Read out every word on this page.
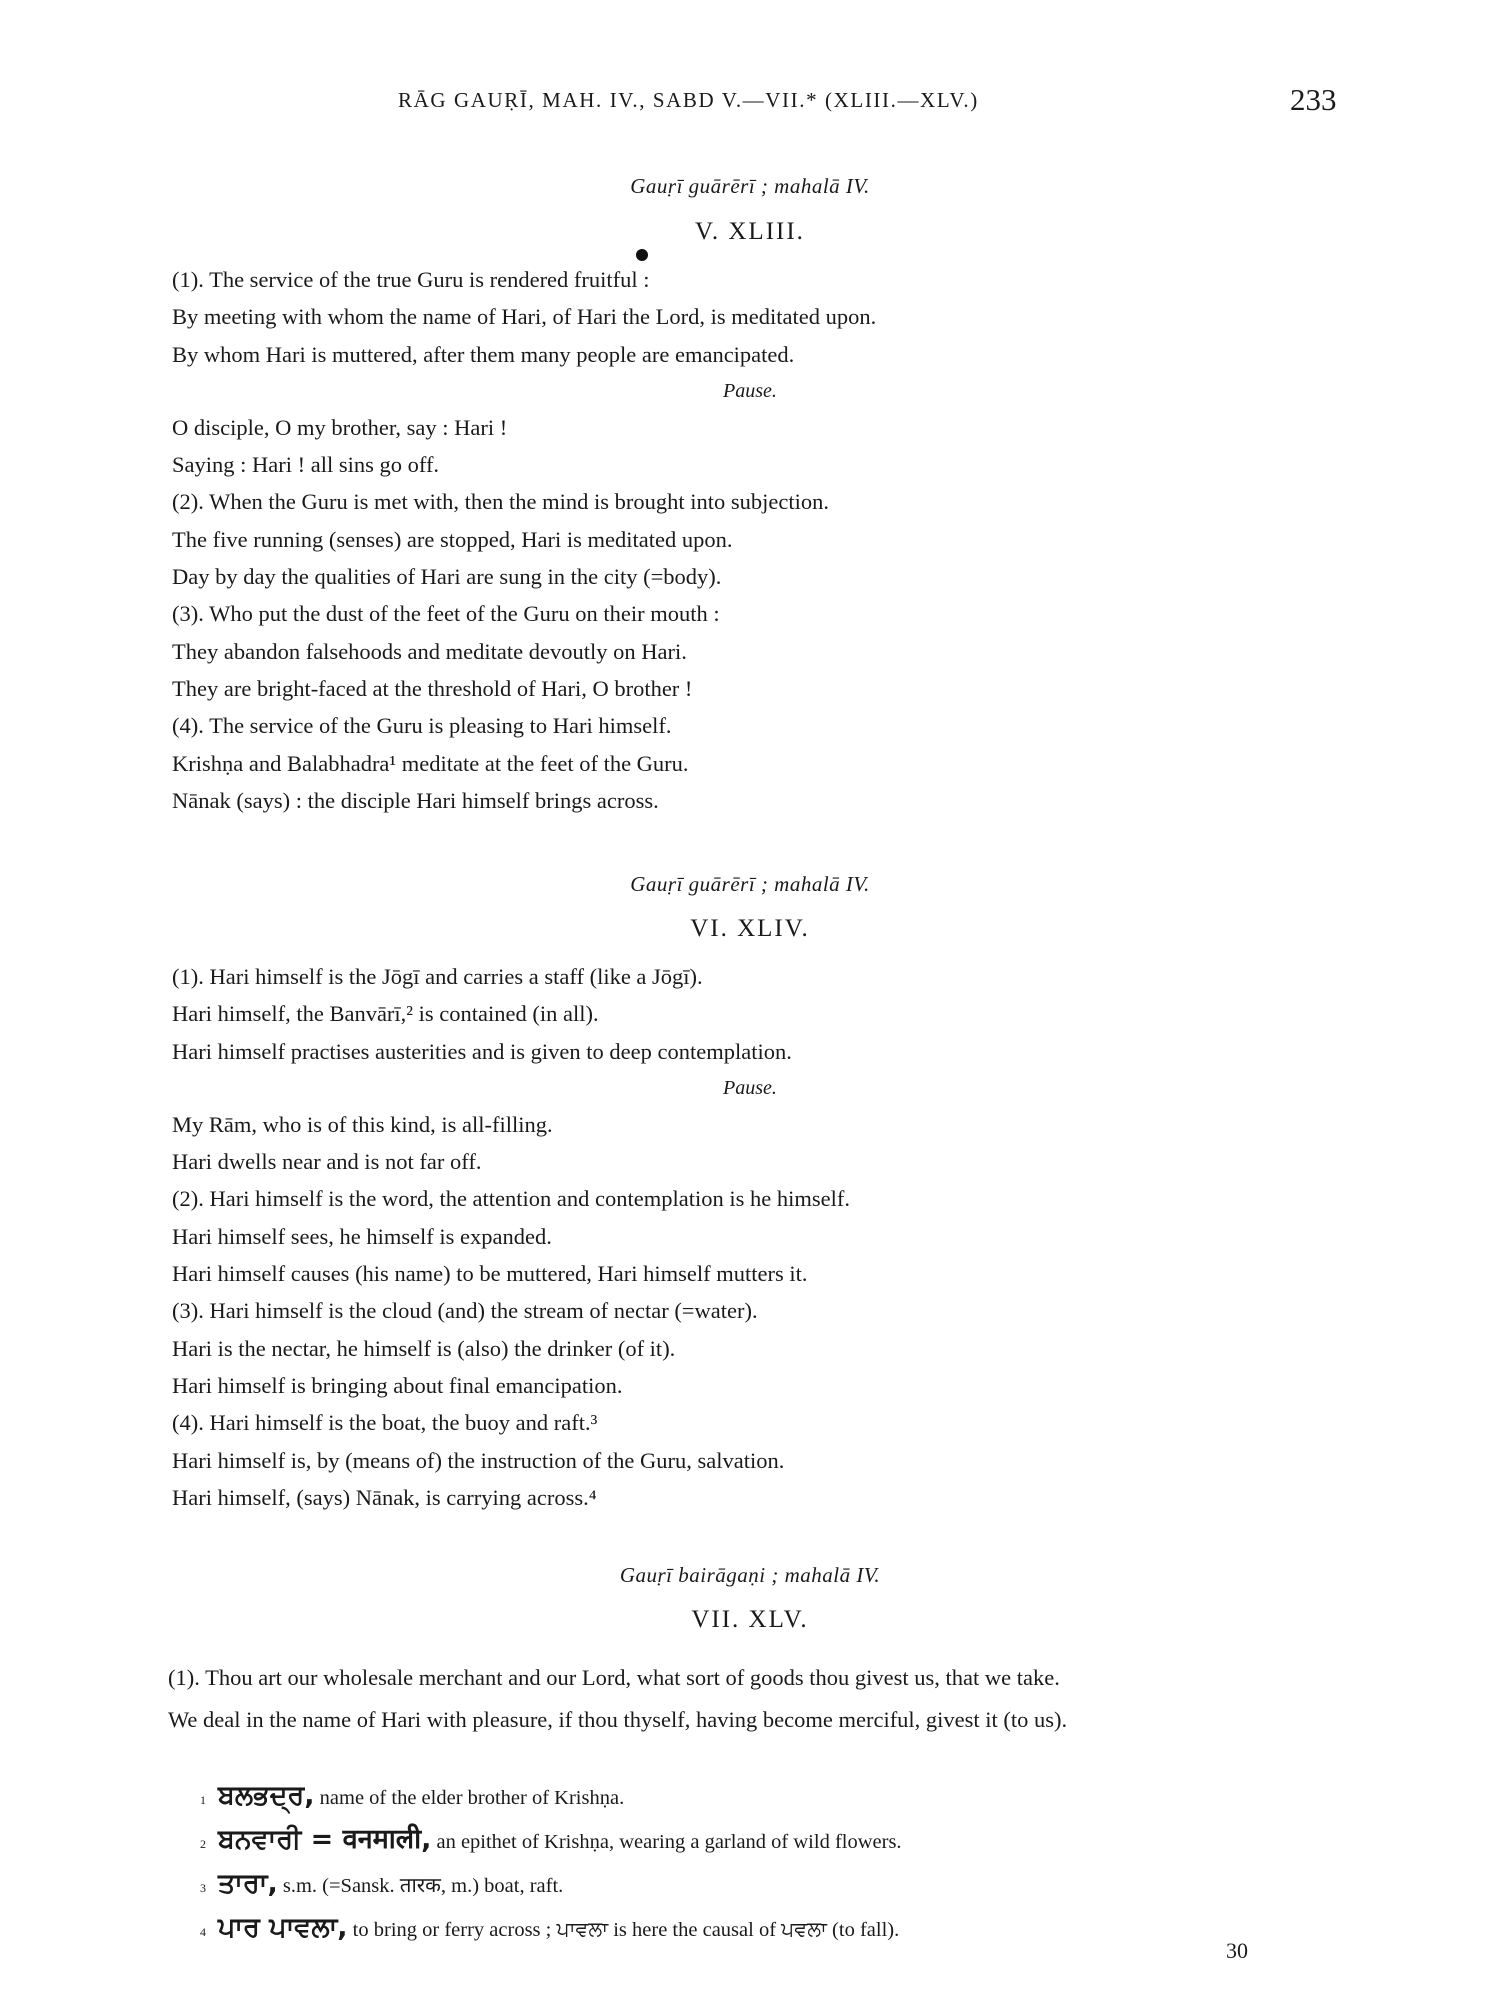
RĀG GAUṚĪ, MAH. IV., SABD V.—VII.* (XLIII.—XLV.)	233
Gauṛī guārērī ; mahalā IV.
V. XLIII.
(1). The service of the true Guru is rendered fruitful :
By meeting with whom the name of Hari, of Hari the Lord, is meditated upon.
By whom Hari is muttered, after them many people are emancipated.
Pause.
O disciple, O my brother, say : Hari !
Saying : Hari ! all sins go off.
(2). When the Guru is met with, then the mind is brought into subjection.
The five running (senses) are stopped, Hari is meditated upon.
Day by day the qualities of Hari are sung in the city (=body).
(3). Who put the dust of the feet of the Guru on their mouth :
They abandon falsehoods and meditate devoutly on Hari.
They are bright-faced at the threshold of Hari, O brother !
(4). The service of the Guru is pleasing to Hari himself.
Krishṇa and Balabhadra¹ meditate at the feet of the Guru.
Nānak (says) : the disciple Hari himself brings across.
Gauṛī guārērī ; mahalā IV.
VI. XLIV.
(1). Hari himself is the Jōgī and carries a staff (like a Jōgī).
Hari himself, the Banvārī,² is contained (in all).
Hari himself practises austerities and is given to deep contemplation.
Pause.
My Rām, who is of this kind, is all-filling.
Hari dwells near and is not far off.
(2). Hari himself is the word, the attention and contemplation is he himself.
Hari himself sees, he himself is expanded.
Hari himself causes (his name) to be muttered, Hari himself mutters it.
(3). Hari himself is the cloud (and) the stream of nectar (=water).
Hari is the nectar, he himself is (also) the drinker (of it).
Hari himself is bringing about final emancipation.
(4). Hari himself is the boat, the buoy and raft.³
Hari himself is, by (means of) the instruction of the Guru, salvation.
Hari himself, (says) Nānak, is carrying across.⁴
Gauṛī bairāgaṇi ; mahalā IV.
VII. XLV.
(1). Thou art our wholesale merchant and our Lord, what sort of goods thou givest us, that we take.
We deal in the name of Hari with pleasure, if thou thyself, having become merciful, givest it (to us).
$^1$ ਬਲਭਦ੍ਰ, name of the elder brother of Krishṇa.
$^2$ ਬਨਵਾਰੀ = वनमाली, an epithet of Krishṇa, wearing a garland of wild flowers.
$^3$ ਤਾਰਾ, s.m. (=Sansk. तारक, m.) boat, raft.
$^4$ ਪਾਰ ਪਾਵਲਾ, to bring or ferry across ; ਪਾਵਲਾ is here the causal of ਪਵਲਾ (to fall).
30
